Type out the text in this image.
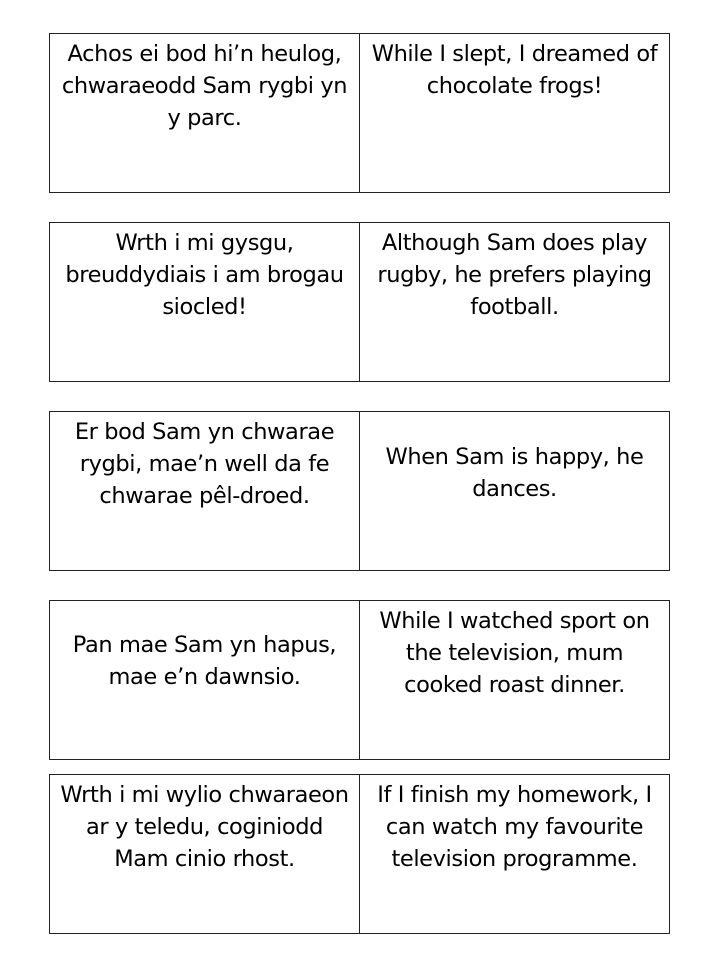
Achos ei bod hi’n heulog, chwaraeodd Sam rygbi yn y parc.
While I slept, I dreamed of chocolate frogs!
Wrth i mi gysgu, breuddydiais i am brogau siocled!
Although Sam does play rugby, he prefers playing football.
Er bod Sam yn chwarae rygbi, mae’n well da fe chwarae pêl-droed.
When Sam is happy, he dances.
Pan mae Sam yn hapus, mae e’n dawnsio.
While I watched sport on the television, mum cooked roast dinner.
Wrth i mi wylio chwaraeon ar y teledu, coginiodd Mam cinio rhost.
If I finish my homework, I can watch my favourite television programme.
